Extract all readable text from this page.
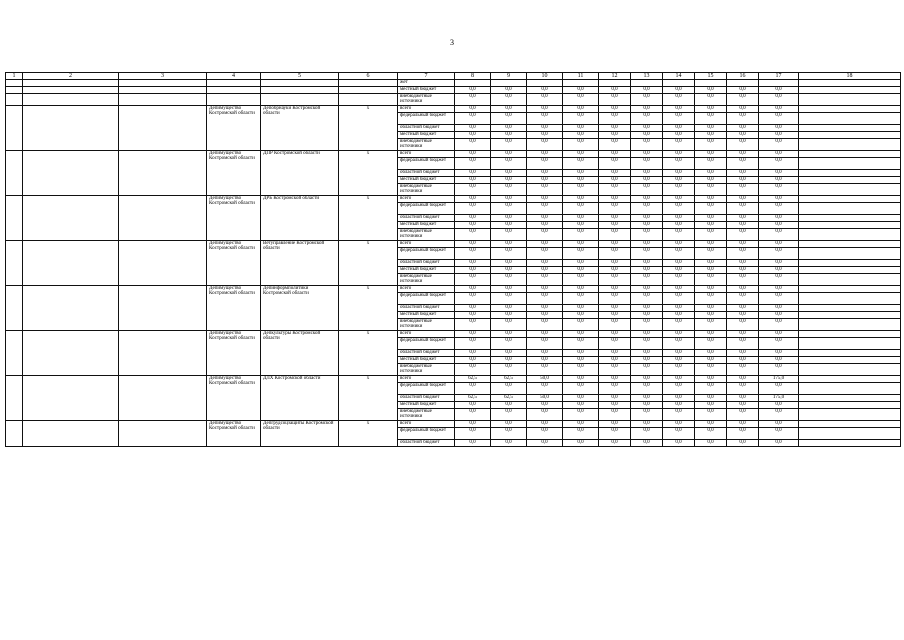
3
1	2	3	4	5	6	7	8	9	10	11	12	13	14	15	16	17	18
						жет											
						местный бюджет	0,0	0,0	0,0	0,0	0,0	0,0	0,0	0,0	0,0	0,0	
						внебюджетные источники	0,0	0,0	0,0	0,0	0,0	0,0	0,0	0,0	0,0	0,0	
			Депимущество Костромской области	Депобрнауки Костромской области	х	всего	0,0	0,0	0,0	0,0	0,0	0,0	0,0	0,0	0,0	0,0	
						федеральный бюджет	0,0	0,0	0,0	0,0	0,0	0,0	0,0	0,0	0,0	0,0	
						областной бюджет	0,0	0,0	0,0	0,0	0,0	0,0	0,0	0,0	0,0	0,0	
						местный бюджет	0,0	0,0	0,0	0,0	0,0	0,0	0,0	0,0	0,0	0,0	
						внебюджетные источники	0,0	0,0	0,0	0,0	0,0	0,0	0,0	0,0	0,0	0,0	
			Депимущество Костромской области	ДПР Костромской области	х	всего	0,0	0,0	0,0	0,0	0,0	0,0	0,0	0,0	0,0	0,0	
						федеральный бюджет	0,0	0,0	0,0	0,0	0,0	0,0	0,0	0,0	0,0	0,0	
						областной бюджет	0,0	0,0	0,0	0,0	0,0	0,0	0,0	0,0	0,0	0,0	
						местный бюджет	0,0	0,0	0,0	0,0	0,0	0,0	0,0	0,0	0,0	0,0	
						внебюджетные источники	0,0	0,0	0,0	0,0	0,0	0,0	0,0	0,0	0,0	0,0	
			Депимущество Костромской области	ДРБ Костромской области	х	всего	0,0	0,0	0,0	0,0	0,0	0,0	0,0	0,0	0,0	0,0	
						федеральный бюджет	0,0	0,0	0,0	0,0	0,0	0,0	0,0	0,0	0,0	0,0	
						областной бюджет	0,0	0,0	0,0	0,0	0,0	0,0	0,0	0,0	0,0	0,0	
						местный бюджет	0,0	0,0	0,0	0,0	0,0	0,0	0,0	0,0	0,0	0,0	
						внебюджетные источники	0,0	0,0	0,0	0,0	0,0	0,0	0,0	0,0	0,0	0,0	
			Депимущество Костромской области	Ветуправление Костромской области	х	всего	0,0	0,0	0,0	0,0	0,0	0,0	0,0	0,0	0,0	0,0	
						федеральный бюджет	0,0	0,0	0,0	0,0	0,0	0,0	0,0	0,0	0,0	0,0	
						областной бюджет	0,0	0,0	0,0	0,0	0,0	0,0	0,0	0,0	0,0	0,0	
						местный бюджет	0,0	0,0	0,0	0,0	0,0	0,0	0,0	0,0	0,0	0,0	
						внебюджетные источники	0,0	0,0	0,0	0,0	0,0	0,0	0,0	0,0	0,0	0,0	
			Депимущество Костромской области	Депинформполитики Костромской области	х	всего	0,0	0,0	0,0	0,0	0,0	0,0	0,0	0,0	0,0	0,0	
						федеральный бюджет	0,0	0,0	0,0	0,0	0,0	0,0	0,0	0,0	0,0	0,0	
						областной бюджет	0,0	0,0	0,0	0,0	0,0	0,0	0,0	0,0	0,0	0,0	
						местный бюджет	0,0	0,0	0,0	0,0	0,0	0,0	0,0	0,0	0,0	0,0	
						внебюджетные источники	0,0	0,0	0,0	0,0	0,0	0,0	0,0	0,0	0,0	0,0	
			Депимущество Костромской области	Депкультуры Костромской области	х	всего	0,0	0,0	0,0	0,0	0,0	0,0	0,0	0,0	0,0	0,0	
						федеральный бюджет	0,0	0,0	0,0	0,0	0,0	0,0	0,0	0,0	0,0	0,0	
						областной бюджет	0,0	0,0	0,0	0,0	0,0	0,0	0,0	0,0	0,0	0,0	
						местный бюджет	0,0	0,0	0,0	0,0	0,0	0,0	0,0	0,0	0,0	0,0	
						внебюджетные источники	0,0	0,0	0,0	0,0	0,0	0,0	0,0	0,0	0,0	0,0	
			Депимущество Костромской области	ДЛХ Костромской области	х	всего	62,5	62,5	50,0	0,0	0,0	0,0	0,0	0,0	0,0	175,0	
						федеральный бюджет	0,0	0,0	0,0	0,0	0,0	0,0	0,0	0,0	0,0	0,0	
						областной бюджет	62,5	62,5	50,0	0,0	0,0	0,0	0,0	0,0	0,0	175,0	
						местный бюджет	0,0	0,0	0,0	0,0	0,0	0,0	0,0	0,0	0,0	0,0	
						внебюджетные источники	0,0	0,0	0,0	0,0	0,0	0,0	0,0	0,0	0,0	0,0	
			Депимущество Костромской области	Депгрудсоцзащиты Костромской области	х	всего	0,0	0,0	0,0	0,0	0,0	0,0	0,0	0,0	0,0	0,0	
						федеральный бюджет	0,0	0,0	0,0	0,0	0,0	0,0	0,0	0,0	0,0	0,0	
						областной бюджет	0,0	0,0	0,0	0,0	0,0	0,0	0,0	0,0	0,0	0,0	
